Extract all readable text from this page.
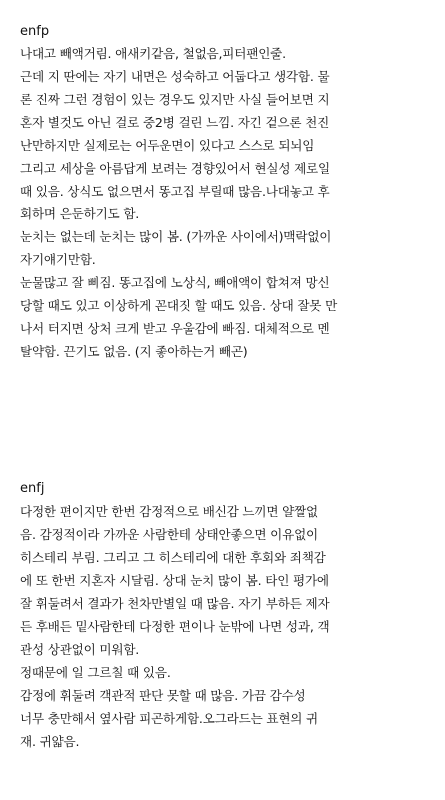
enfp
나대고 빼액거림. 애새키같음, 철없음,피터팬인줄.
근데 지 딴에는 자기 내면은 성숙하고 어둡다고 생각함. 물
론 진짜 그런 경험이 있는 경우도 있지만 사실 들어보면 지
혼자 별것도 아닌 걸로 중2병 걸린 느낌. 자긴 겉으론 천진
난만하지만 실제로는 어두운면이 있다고 스스로 되뇌임
그리고 세상을 아름답게 보려는 경향있어서 현실성 제로일
때 있음. 상식도 없으면서 똥고집 부릴때 많음.나대놓고 후
회하며 은둔하기도 함.
눈치는 없는데 눈치는 많이 봄. (가까운 사이에서)맥락없이
자기얘기만함.
눈물많고 잘 삐짐. 똥고집에 노상식, 빼애액이 합쳐져 망신
당할 때도 있고 이상하게 꼰대짓 할 때도 있음. 상대 잘못 만
나서 터지면 상처 크게 받고 우울감에 빠짐. 대체적으로 멘
탈약함. 끈기도 없음. (지 좋아하는거 빼곤)
enfj
다정한 편이지만 한번 감정적으로 배신감 느끼면 얄짤없
음. 감정적이라 가까운 사람한테 상태안좋으면 이유없이
히스테리 부림. 그리고 그 히스테리에 대한 후회와 죄책감
에 또 한번 지혼자 시달림. 상대 눈치 많이 봄. 타인 평가에
잘 휘둘려서 결과가 천차만별일 때 많음. 자기 부하든 제자
든 후배든 밑사람한테 다정한 편이나 눈밖에 나면 성과, 객
관성 상관없이 미워함.
정때문에 일 그르칠 때 있음.
감정에 휘둘려 객관적 판단 못할 때 많음. 가끔 감수성
너무 충만해서 옆사람 피곤하게함.오그라드는 표현의 귀
재. 귀얇음.
